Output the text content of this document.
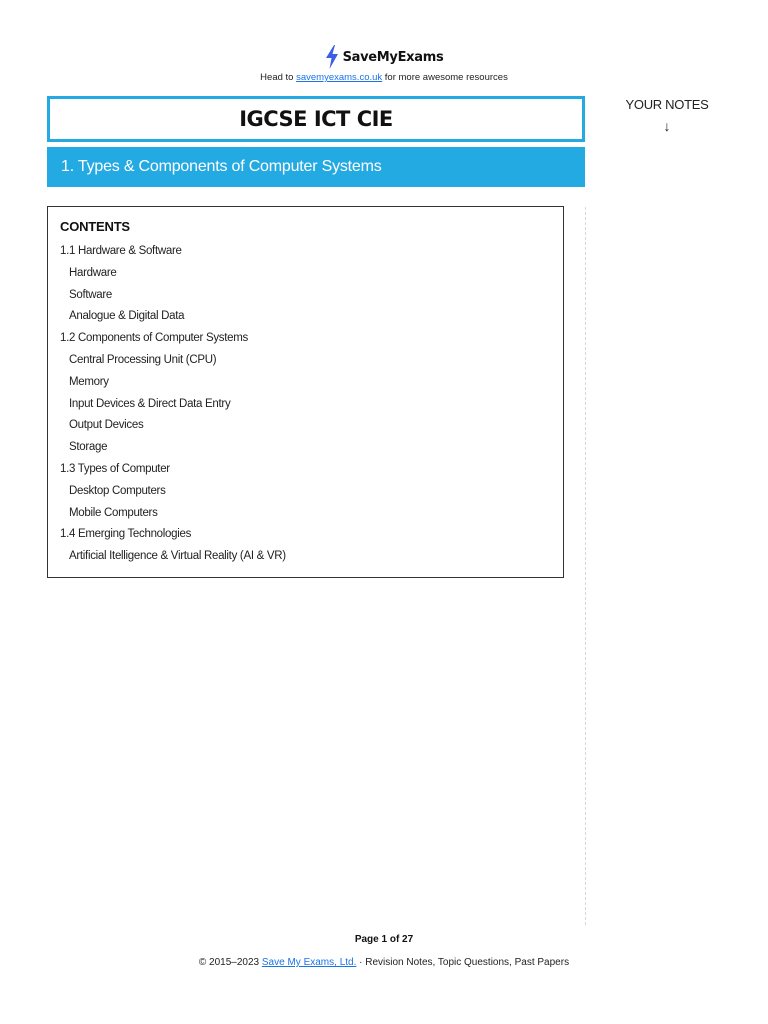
SaveMyExams
Head to savemyexams.co.uk for more awesome resources
IGCSE ICT CIE
1. Types & Components of Computer Systems
YOUR NOTES
↓
CONTENTS
1.1 Hardware & Software
Hardware
Software
Analogue & Digital Data
1.2 Components of Computer Systems
Central Processing Unit (CPU)
Memory
Input Devices & Direct Data Entry
Output Devices
Storage
1.3 Types of Computer
Desktop Computers
Mobile Computers
1.4 Emerging Technologies
Artificial Itelligence & Virtual Reality (AI & VR)
Page 1 of 27
© 2015–2023 Save My Exams, Ltd. · Revision Notes, Topic Questions, Past Papers
